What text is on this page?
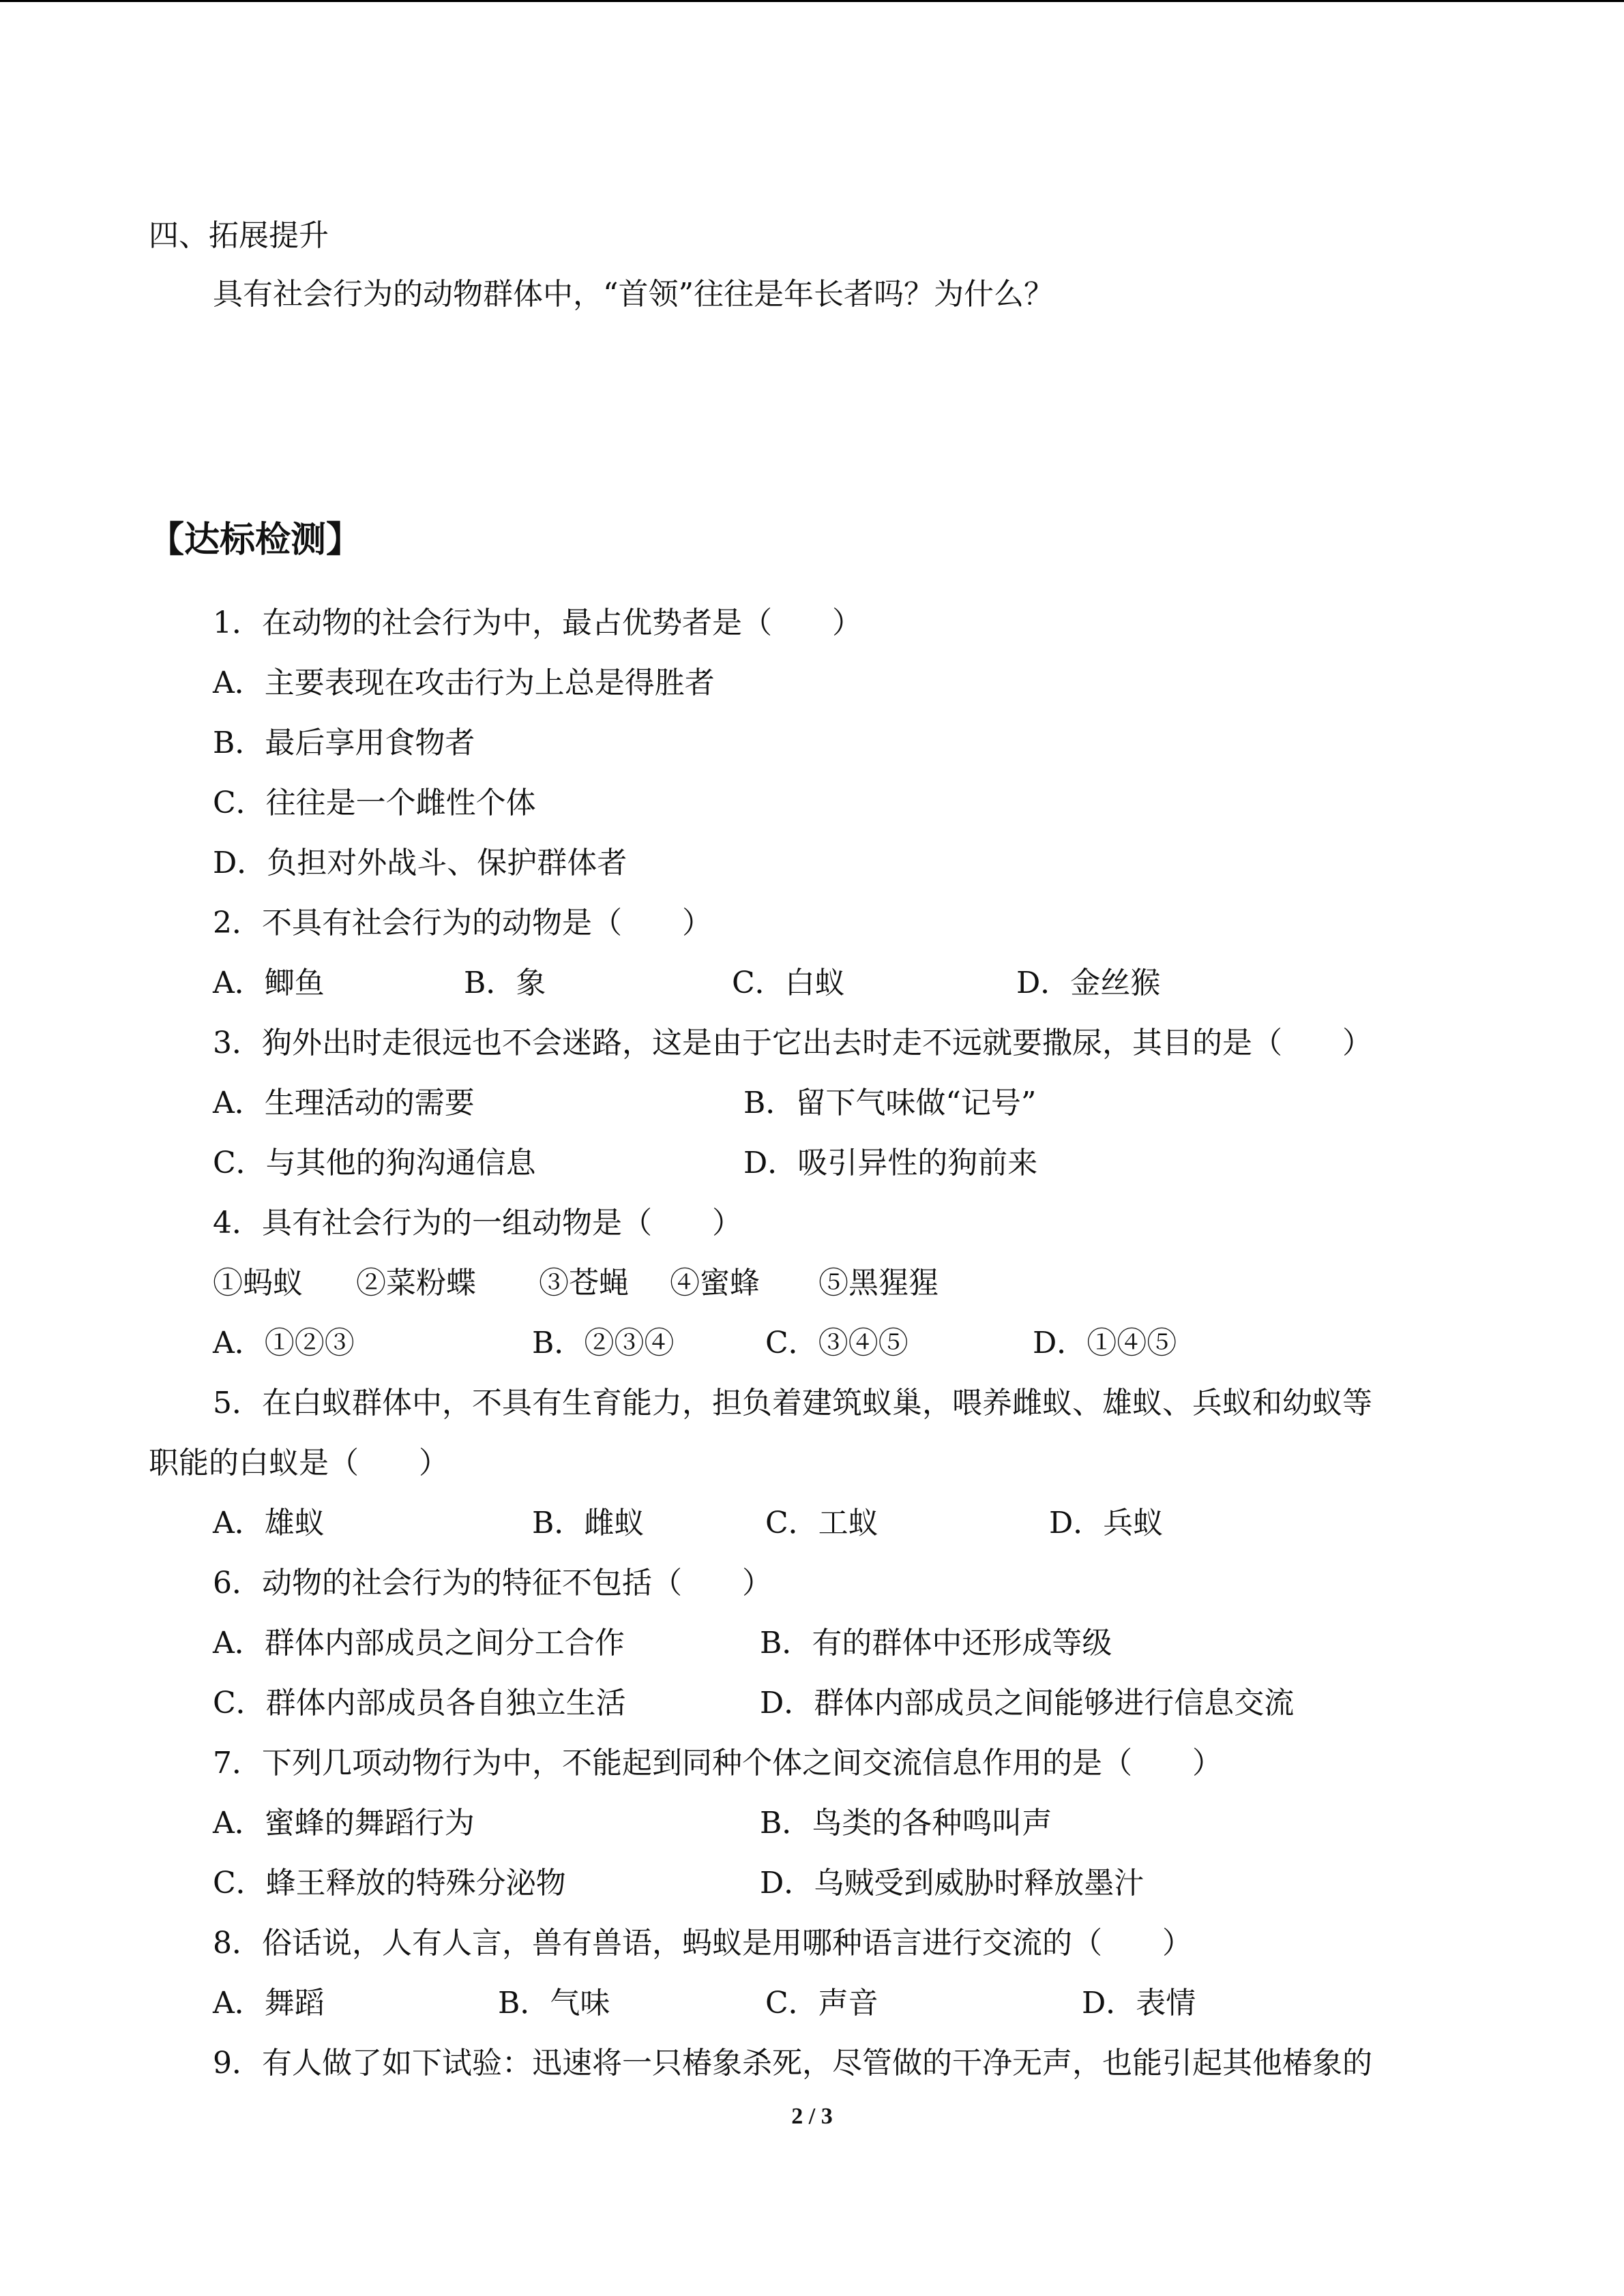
四、拓展提升
具有社会行为的动物群体中，“首领”往往是年长者吗？为什么？
【达标检测】
1．在动物的社会行为中，最占优势者是（　　）
A．主要表现在攻击行为上总是得胜者
B．最后享用食物者
C．往往是一个雌性个体
D．负担对外战斗、保护群体者
2．不具有社会行为的动物是（　　）
A．鲫鱼	B．象	C．白蚁	D．金丝猴
3．狗外出时走很远也不会迷路，这是由于它出去时走不远就要撒尿，其目的是（　　）
A．生理活动的需要	B．留下气味做“记号”
C．与其他的狗沟通信息	D．吸引异性的狗前来
4．具有社会行为的一组动物是（　　）
①蚂蚁 ②菜粉蝶 ③苍蝇 ④蜜蜂 ⑤黑猩猩
A．①②③	B．②③④	C．③④⑤	D．①④⑤
5．在白蚁群体中，不具有生育能力，担负着建筑蚁巢，喂养雌蚁、雄蚁、兵蚁和幼蚁等
职能的白蚁是（　　）
A．雄蚁	B．雌蚁	C．工蚁	D．兵蚁
6．动物的社会行为的特征不包括（　　）
A．群体内部成员之间分工合作	B．有的群体中还形成等级
C．群体内部成员各自独立生活	D．群体内部成员之间能够进行信息交流
7．下列几项动物行为中，不能起到同种个体之间交流信息作用的是（　　）
A．蜜蜂的舞蹈行为	B．鸟类的各种鸣叫声
C．蜂王释放的特殊分泌物	D．乌贼受到威胁时释放墨汁
8．俗话说，人有人言，兽有兽语，蚂蚁是用哪种语言进行交流的（　　）
A．舞蹈	B．气味	C．声音	D．表情
9．有人做了如下试验：迅速将一只椿象杀死，尽管做的干净无声，也能引起其他椿象的
2 / 3
